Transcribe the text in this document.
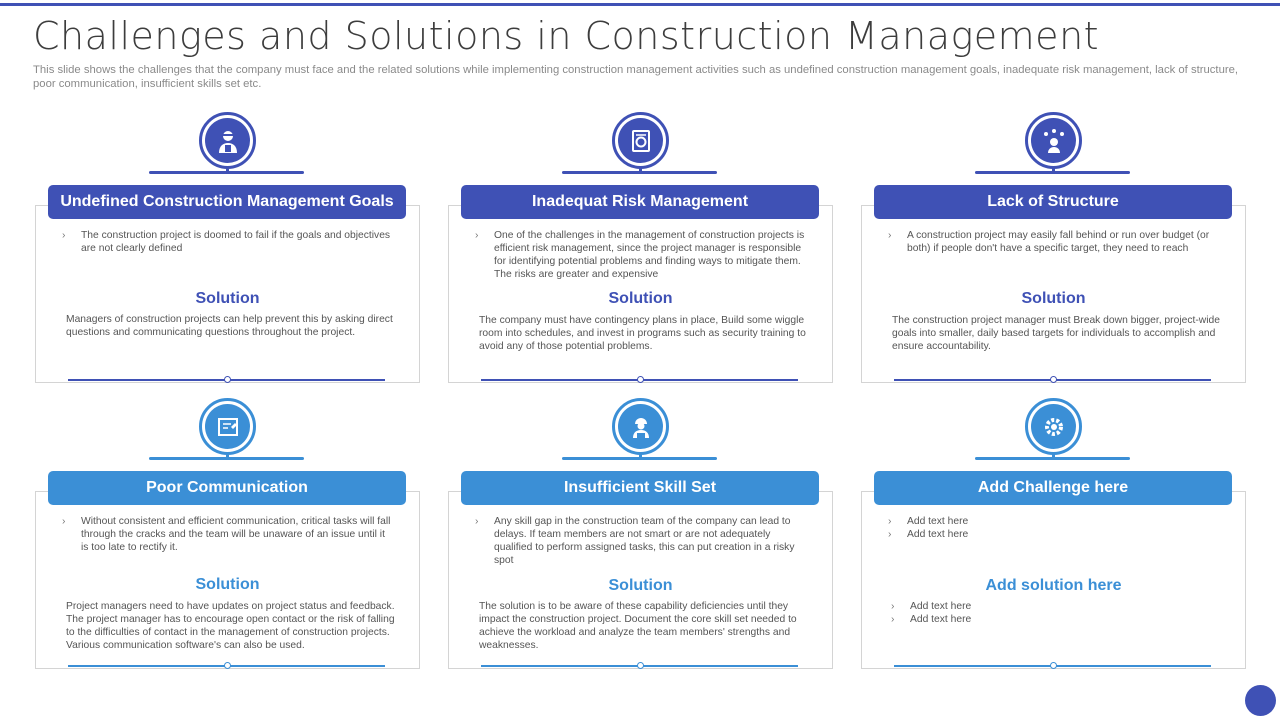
Challenges and Solutions in Construction Management
This slide shows the challenges that the company must face and the related solutions while implementing construction management activities such as undefined construction management goals, inadequate risk management, lack of structure, poor communication, insufficient skills set etc.
Undefined Construction Management Goals
›	The construction project is doomed to fail if the goals and objectives are not clearly defined
Solution
Managers of construction projects can help prevent this by asking direct questions and communicating questions throughout the project.
Inadequat Risk Management
›	One of the challenges in the management of construction projects is efficient risk management, since the project manager is responsible for identifying potential problems and finding ways to mitigate them. The risks are greater and expensive
Solution
The company must have contingency plans in place, Build some wiggle room into schedules, and invest in programs such as security training to avoid any of those potential problems.
Lack of Structure
›	A construction project may easily fall behind or run over budget (or both) if people don't have a specific target, they need to reach
Solution
The construction project manager must Break down bigger, project-wide goals into smaller, daily based targets for individuals to accomplish and ensure accountability.
Poor Communication
›	Without consistent and efficient communication, critical tasks will fall through the cracks and the team will be unaware of an issue until it is too late to rectify it.
Solution
Project managers need to have updates on project status and feedback. The project manager has to encourage open contact or the risk of falling to the difficulties of contact in the management of construction projects. Various communication software's can also be used.
Insufficient Skill Set
›	Any skill gap in the construction team of the company can lead to delays. If team members are not smart or are not adequately qualified to perform assigned tasks, this can put creation in a risky spot
Solution
The solution is to be aware of these capability deficiencies until they impact the construction project. Document the core skill set needed to achieve the workload and analyze the team members' strengths and weaknesses.
Add Challenge here
›	Add text here
›	Add text here
Add solution here
›	Add text here
›	Add text here
